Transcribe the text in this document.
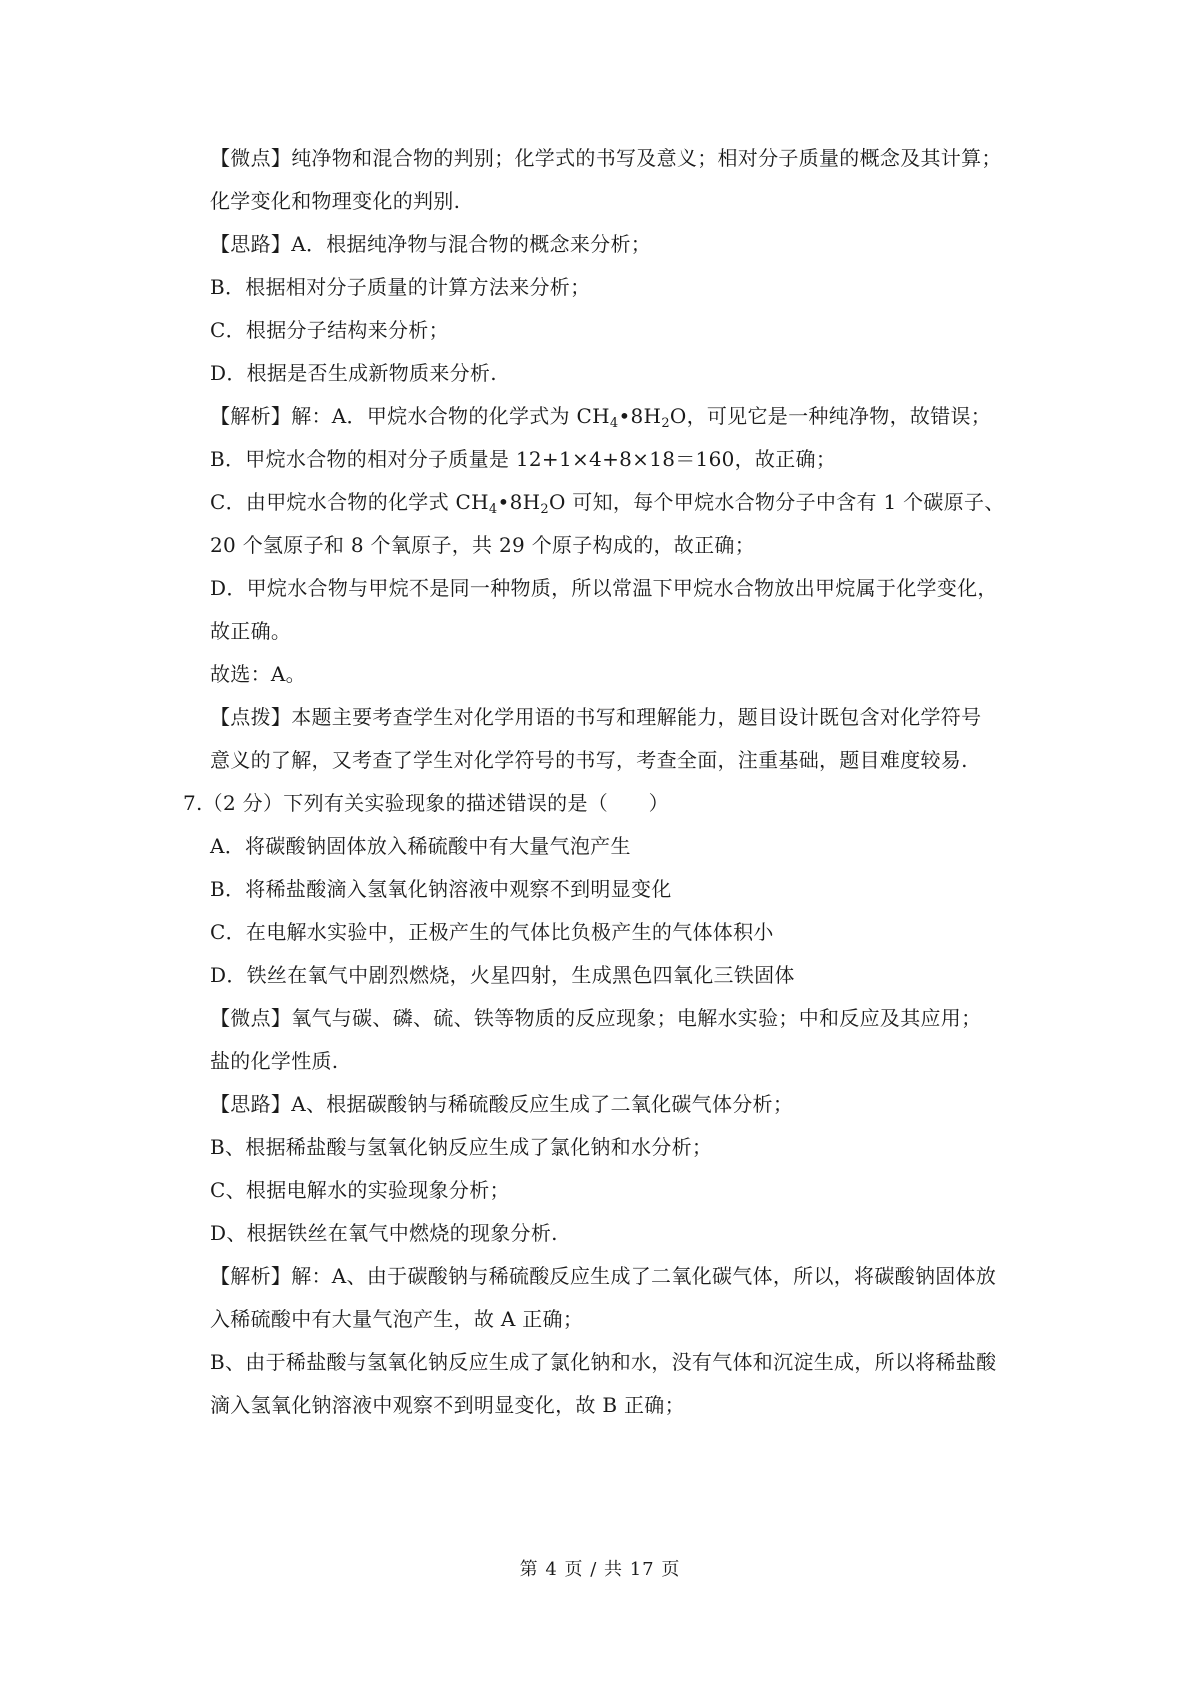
【微点】纯净物和混合物的判别；化学式的书写及意义；相对分子质量的概念及其计算；
化学变化和物理变化的判别.
【思路】A．根据纯净物与混合物的概念来分析；
B．根据相对分子质量的计算方法来分析；
C．根据分子结构来分析；
D．根据是否生成新物质来分析.
【解析】解：A．甲烷水合物的化学式为 $CH_4•8H_2O$，可见它是一种纯净物，故错误；
B．甲烷水合物的相对分子质量是 12+1×4+8×18＝160，故正确；
C．由甲烷水合物的化学式 $CH_4•8H_2O$ 可知，每个甲烷水合物分子中含有 1 个碳原子、
20 个氢原子和 8 个氧原子，共 29 个原子构成的，故正确；
D．甲烷水合物与甲烷不是同一种物质，所以常温下甲烷水合物放出甲烷属于化学变化，
故正确。
故选：A。
【点拨】本题主要考查学生对化学用语的书写和理解能力，题目设计既包含对化学符号
意义的了解，又考查了学生对化学符号的书写，考查全面，注重基础，题目难度较易.
7.（2 分）下列有关实验现象的描述错误的是（　　）
A．将碳酸钠固体放入稀硫酸中有大量气泡产生
B．将稀盐酸滴入氢氧化钠溶液中观察不到明显变化
C．在电解水实验中，正极产生的气体比负极产生的气体体积小
D．铁丝在氧气中剧烈燃烧，火星四射，生成黑色四氧化三铁固体
【微点】氧气与碳、磷、硫、铁等物质的反应现象；电解水实验；中和反应及其应用；
盐的化学性质.
【思路】A、根据碳酸钠与稀硫酸反应生成了二氧化碳气体分析；
B、根据稀盐酸与氢氧化钠反应生成了氯化钠和水分析；
C、根据电解水的实验现象分析；
D、根据铁丝在氧气中燃烧的现象分析.
【解析】解：A、由于碳酸钠与稀硫酸反应生成了二氧化碳气体，所以，将碳酸钠固体放
入稀硫酸中有大量气泡产生，故 A 正确；
B、由于稀盐酸与氢氧化钠反应生成了氯化钠和水，没有气体和沉淀生成，所以将稀盐酸
滴入氢氧化钠溶液中观察不到明显变化，故 B 正确；
第 4 页 / 共 17 页
